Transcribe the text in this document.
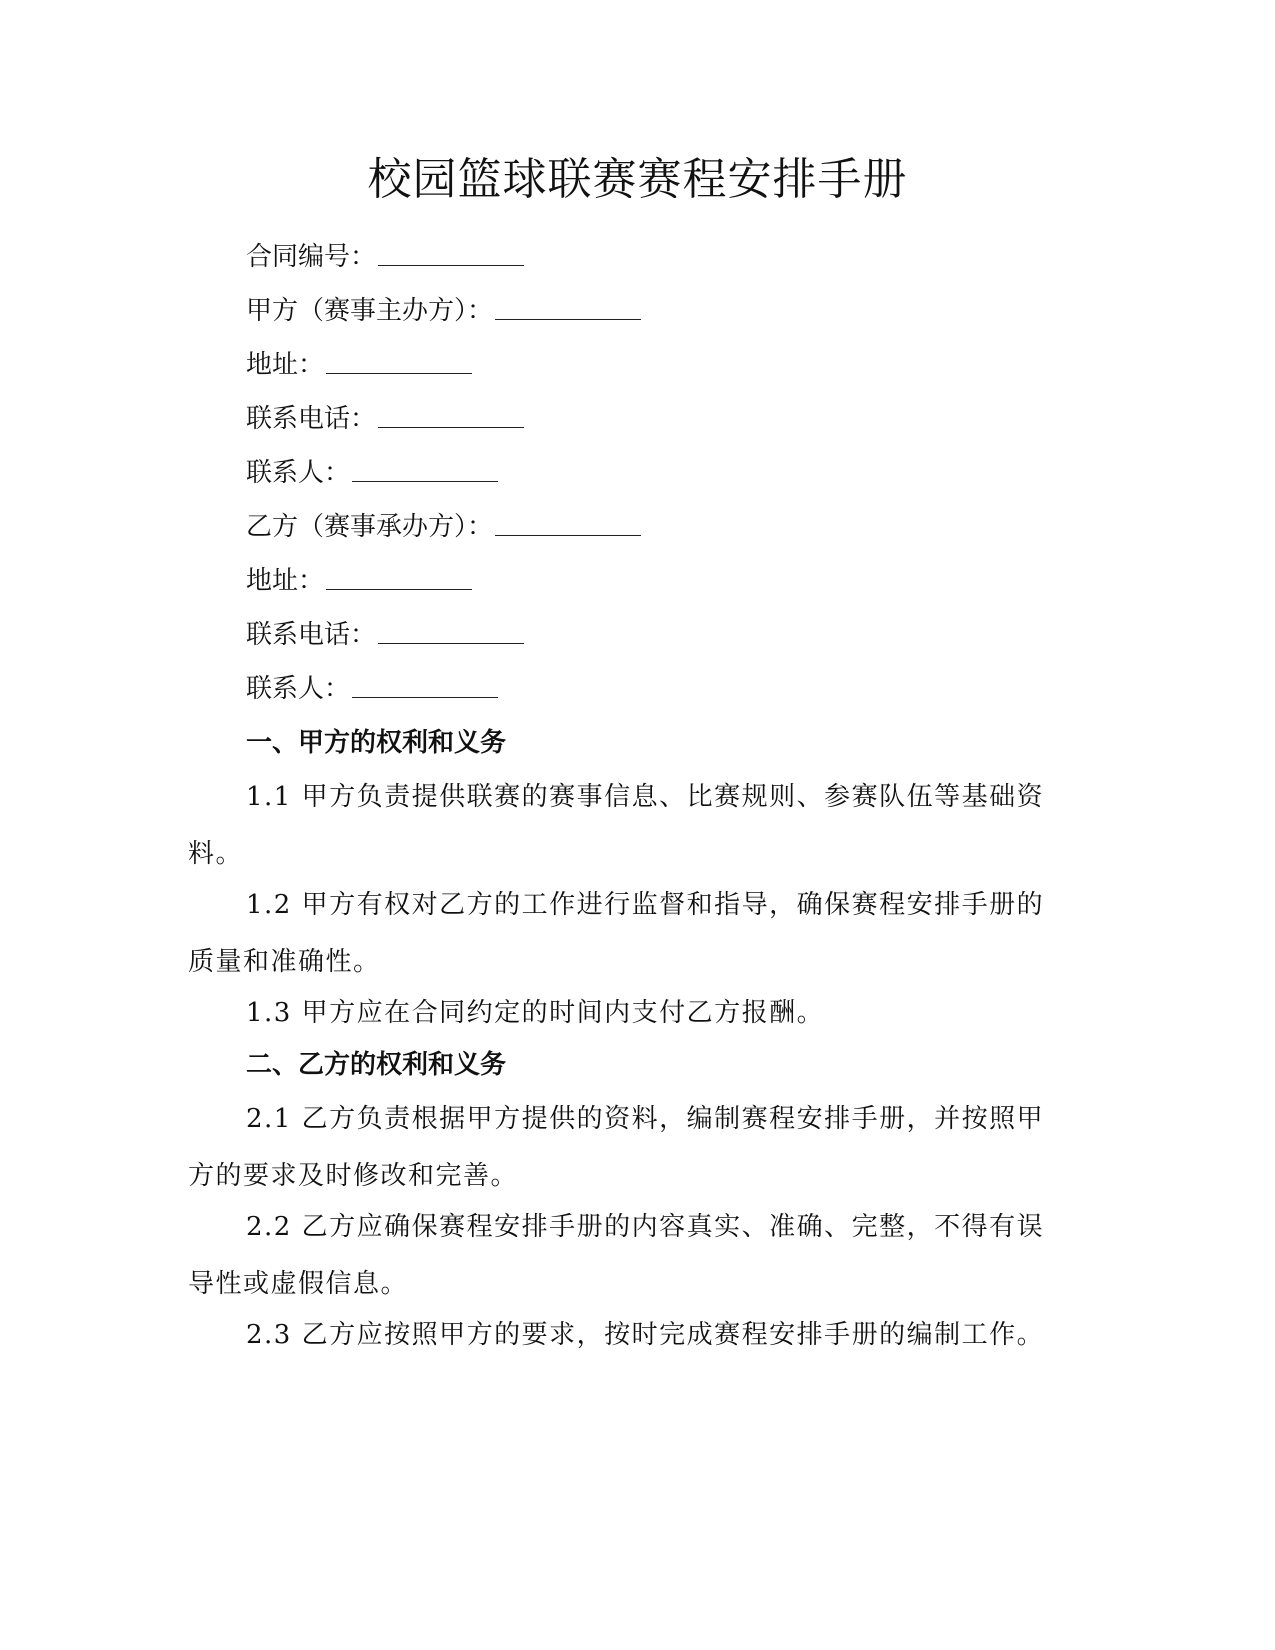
校园篮球联赛赛程安排手册
合同编号：
甲方（赛事主办方）：
地址：
联系电话：
联系人：
乙方（赛事承办方）：
地址：
联系电话：
联系人：
一、甲方的权利和义务
1.1 甲方负责提供联赛的赛事信息、比赛规则、参赛队伍等基础资料。
1.2 甲方有权对乙方的工作进行监督和指导，确保赛程安排手册的质量和准确性。
1.3 甲方应在合同约定的时间内支付乙方报酬。
二、乙方的权利和义务
2.1 乙方负责根据甲方提供的资料，编制赛程安排手册，并按照甲方的要求及时修改和完善。
2.2 乙方应确保赛程安排手册的内容真实、准确、完整，不得有误导性或虚假信息。
2.3 乙方应按照甲方的要求，按时完成赛程安排手册的编制工作。
